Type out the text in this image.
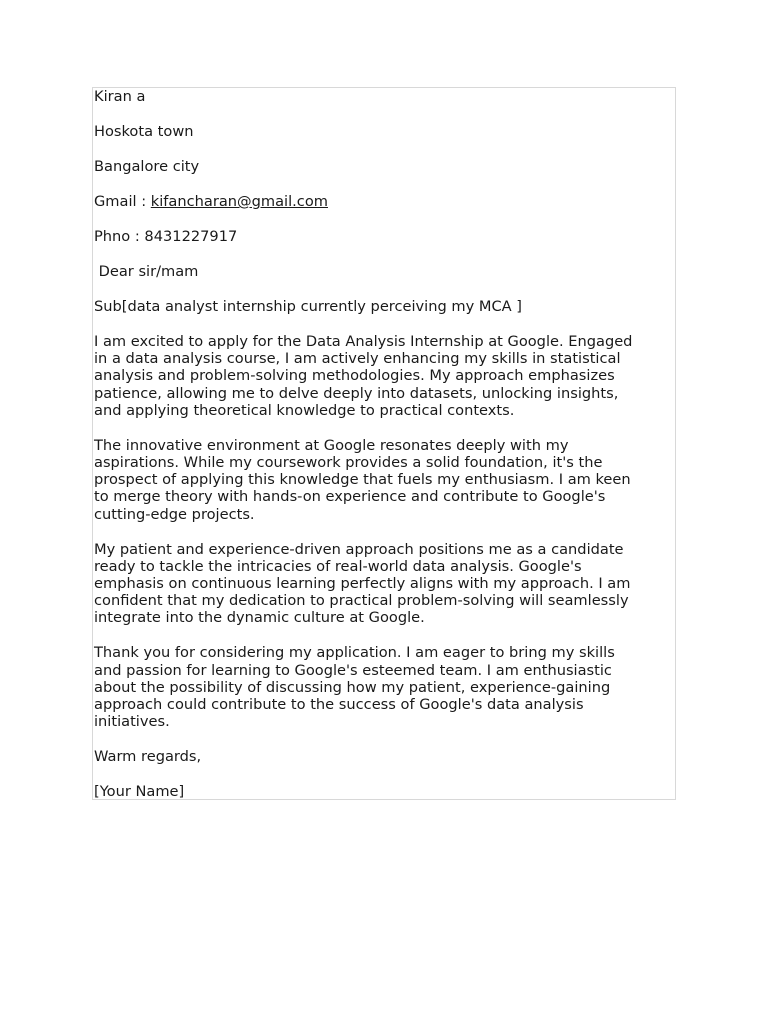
Kiran a

Hoskota town

Bangalore city

Gmail : kifancharan@gmail.com

Phno : 8431227917

Dear sir/mam

Sub[data analyst internship currently perceiving my MCA ]

I am excited to apply for the Data Analysis Internship at Google. Engaged
in a data analysis course, I am actively enhancing my skills in statistical
analysis and problem-solving methodologies. My approach emphasizes
patience, allowing me to delve deeply into datasets, unlocking insights,
and applying theoretical knowledge to practical contexts.

The innovative environment at Google resonates deeply with my
aspirations. While my coursework provides a solid foundation, it's the
prospect of applying this knowledge that fuels my enthusiasm. I am keen
to merge theory with hands-on experience and contribute to Google's
cutting-edge projects.

My patient and experience-driven approach positions me as a candidate
ready to tackle the intricacies of real-world data analysis. Google's
emphasis on continuous learning perfectly aligns with my approach. I am
confident that my dedication to practical problem-solving will seamlessly
integrate into the dynamic culture at Google.

Thank you for considering my application. I am eager to bring my skills
and passion for learning to Google's esteemed team. I am enthusiastic
about the possibility of discussing how my patient, experience-gaining
approach could contribute to the success of Google's data analysis
initiatives.

Warm regards,

[Your Name]
